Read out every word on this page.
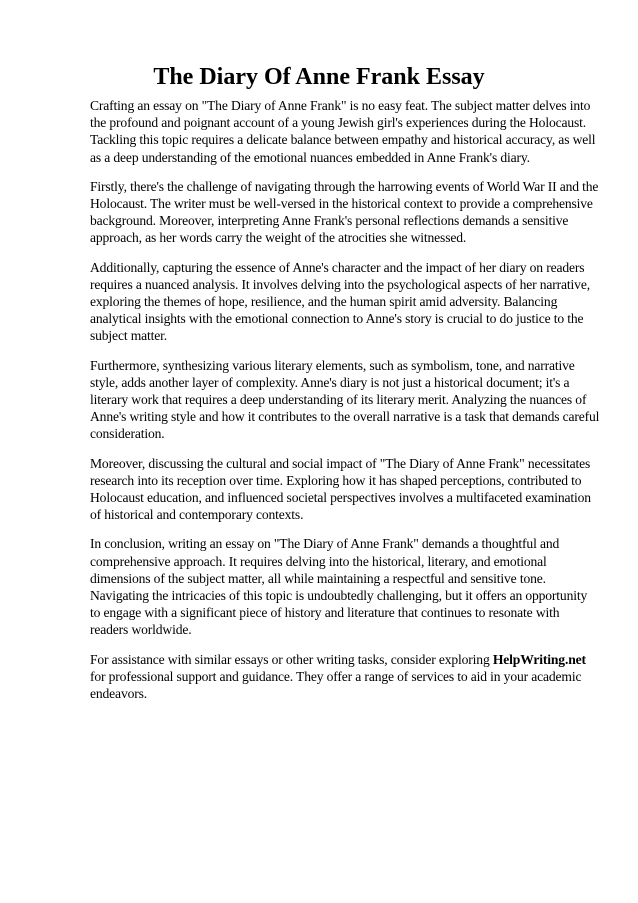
The Diary Of Anne Frank Essay

Crafting an essay on "The Diary of Anne Frank" is no easy feat. The subject matter delves into the profound and poignant account of a young Jewish girl's experiences during the Holocaust. Tackling this topic requires a delicate balance between empathy and historical accuracy, as well as a deep understanding of the emotional nuances embedded in Anne Frank's diary.

Firstly, there's the challenge of navigating through the harrowing events of World War II and the Holocaust. The writer must be well-versed in the historical context to provide a comprehensive background. Moreover, interpreting Anne Frank's personal reflections demands a sensitive approach, as her words carry the weight of the atrocities she witnessed.

Additionally, capturing the essence of Anne's character and the impact of her diary on readers requires a nuanced analysis. It involves delving into the psychological aspects of her narrative, exploring the themes of hope, resilience, and the human spirit amid adversity. Balancing analytical insights with the emotional connection to Anne's story is crucial to do justice to the subject matter.

Furthermore, synthesizing various literary elements, such as symbolism, tone, and narrative style, adds another layer of complexity. Anne's diary is not just a historical document; it's a literary work that requires a deep understanding of its literary merit. Analyzing the nuances of Anne's writing style and how it contributes to the overall narrative is a task that demands careful consideration.

Moreover, discussing the cultural and social impact of "The Diary of Anne Frank" necessitates research into its reception over time. Exploring how it has shaped perceptions, contributed to Holocaust education, and influenced societal perspectives involves a multifaceted examination of historical and contemporary contexts.

In conclusion, writing an essay on "The Diary of Anne Frank" demands a thoughtful and comprehensive approach. It requires delving into the historical, literary, and emotional dimensions of the subject matter, all while maintaining a respectful and sensitive tone. Navigating the intricacies of this topic is undoubtedly challenging, but it offers an opportunity to engage with a significant piece of history and literature that continues to resonate with readers worldwide.

For assistance with similar essays or other writing tasks, consider exploring HelpWriting.net for professional support and guidance. They offer a range of services to aid in your academic endeavors.
